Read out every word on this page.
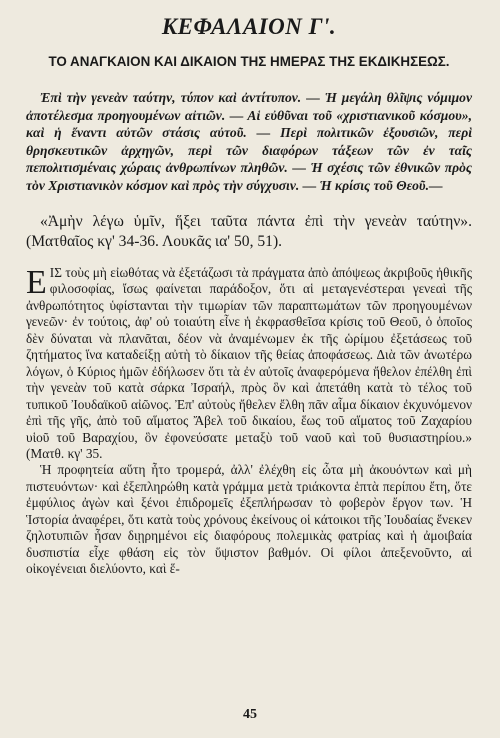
ΚΕΦΑΛΑΙΟΝ Γ'.
ΤΟ ΑΝΑΓΚΑΙΟΝ ΚΑΙ ΔΙΚΑΙΟΝ ΤΗΣ ΗΜΕΡΑΣ ΤΗΣ ΕΚΔΙΚΗΣΕΩΣ.

Ἐπὶ τὴν γενεὰν ταύτην, τύπον καὶ ἀντίτυπον. — Ἡ μεγάλη θλῖψις νόμιμον ἀποτέλεσμα προηγουμένων αἰτιῶν. — Αἱ εὐθῦναι τοῦ «χριστιανικοῦ κόσμου», καὶ ἡ ἔναντι αὐτῶν στάσις αὐτοῦ. — Περὶ πολιτικῶν ἐξουσιῶν, περὶ θρησκευτικῶν ἀρχηγῶν, περὶ τῶν διαφόρων τάξεων τῶν ἐν ταῖς πεπολιτισμέναις χώραις ἀνθρωπίνων πληθῶν. — Ἡ σχέσις τῶν ἐθνικῶν πρὸς τὸν Χριστιανικὸν κόσμον καὶ πρὸς τὴν σύγχυσιν. — Ἡ κρίσις τοῦ Θεοῦ.—

«Ἀμὴν λέγω ὑμῖν, ἥξει ταῦτα πάντα ἐπὶ τὴν γενεὰν ταύτην». (Ματθαῖος κγ' 34-36. Λουκᾶς ια' 50, 51).

ΕΙΣ τοὺς μὴ εἰωθότας νὰ ἐξετάζωσι τὰ πράγματα ἀπὸ ἀπόψεως ἀκριβοῦς ἠθικῆς φιλοσοφίας, ἴσως φαίνεται παράδοξον, ὅτι αἱ μεταγενέστεραι γενεαὶ τῆς ἀνθρωπότητος ὑφίστανται τὴν τιμωρίαν τῶν παραπτωμάτων τῶν προηγουμένων γενεῶν· ἐν τούτοις, ἀφ' οὐ τοιαύτη εἶνε ἡ ἐκφρασθεῖσα κρίσις τοῦ Θεοῦ, ὁ ὁποῖος δὲν δύναται νὰ πλανᾶται, δέον νὰ ἀναμένωμεν ἐκ τῆς ὡρίμου ἐξετάσεως τοῦ ζητήματος ἵνα καταδείξῃ αὐτὴ τὸ δίκαιον τῆς θείας ἀποφάσεως. Διὰ τῶν ἀνωτέρω λόγων, ὁ Κύριος ἡμῶν ἐδήλωσεν ὅτι τὰ ἐν αὐτοῖς ἀναφερόμενα ἤθελον ἐπέλθη ἐπὶ τὴν γενεὰν τοῦ κατὰ σάρκα Ἰσραήλ, πρὸς ὃν καὶ ἀπετάθη κατὰ τὸ τέλος τοῦ τυπικοῦ Ἰουδαϊκοῦ αἰῶνος. Ἐπ' αὐτοὺς ἤθελεν ἔλθη πᾶν αἷμα δίκαιον ἐκχυνόμενον ἐπὶ τῆς γῆς, ἀπὸ τοῦ αἵματος Ἄβελ τοῦ δικαίου, ἕως τοῦ αἵματος τοῦ Ζαχαρίου υἱοῦ τοῦ Βαραχίου, ὃν ἐφονεύσατε μεταξὺ τοῦ ναοῦ καὶ τοῦ θυσιαστηρίου.» (Ματθ. κγ' 35.

Ἡ προφητεία αὕτη ἦτο τρομερά, ἀλλ' ἐλέχθη εἰς ὦτα μὴ ἀκουόντων καὶ μὴ πιστευόντων· καὶ ἐξεπληρώθη κατὰ γράμμα μετὰ τριάκοντα ἑπτὰ περίπου ἔτη, ὅτε ἐμφύλιος ἀγὼν καὶ ξένοι ἐπιδρομεῖς ἐξεπλήρωσαν τὸ φοβερὸν ἔργον των. Ἡ Ἱστορία ἀναφέρει, ὅτι κατὰ τοὺς χρόνους ἐκείνους οἱ κάτοικοι τῆς Ἰουδαίας ἕνεκεν ζηλοτυπιῶν ἦσαν διῃρημένοι εἰς διαφόρους πολεμικὰς φατρίας καὶ ἡ ἀμοιβαία δυσπιστία εἶχε φθάση εἰς τὸν ὕψιστον βαθμόν. Οἱ φίλοι ἀπεξενοῦντο, αἱ οἰκογένειαι διελύοντο, καὶ ἕ-

45
